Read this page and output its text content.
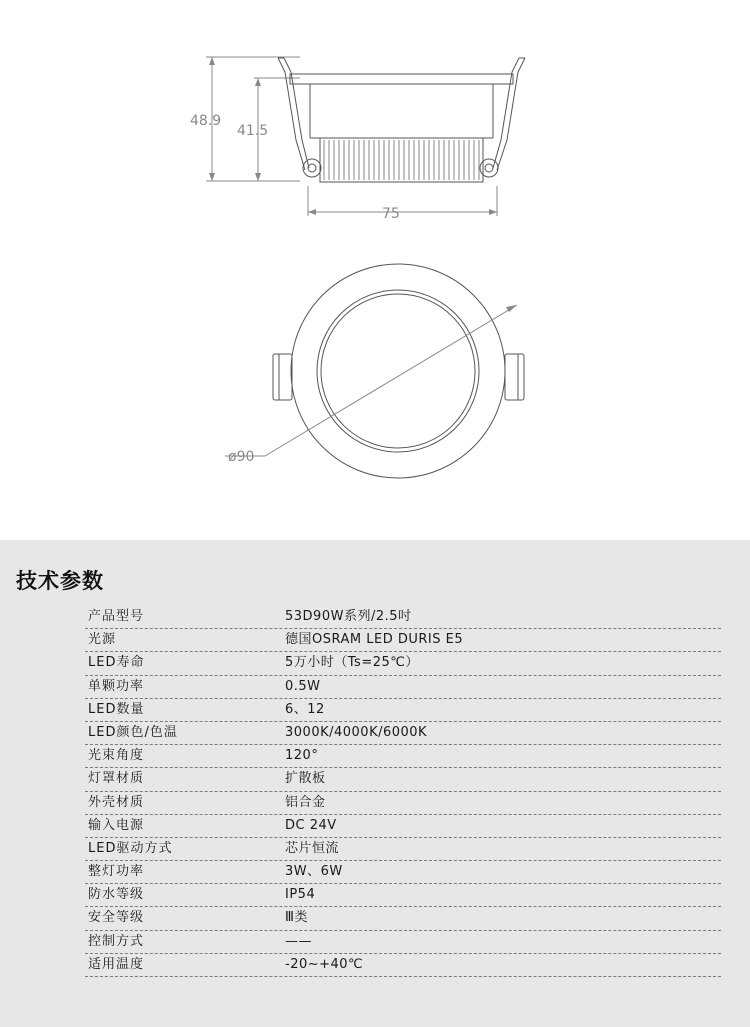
48.9
41.5
75
ø90
技术参数
产品型号	53D90W系列/2.5吋
光源	德国OSRAM LED DURIS E5
LED寿命	5万小时（Ts=25℃）
单颗功率	0.5W
LED数量	6、12
LED颜色/色温	3000K/4000K/6000K
光束角度	120°
灯罩材质	扩散板
外壳材质	铝合金
输入电源	DC 24V
LED驱动方式	芯片恒流
整灯功率	3W、6W
防水等级	IP54
安全等级	Ⅲ类
控制方式	——
适用温度	-20~+40℃
